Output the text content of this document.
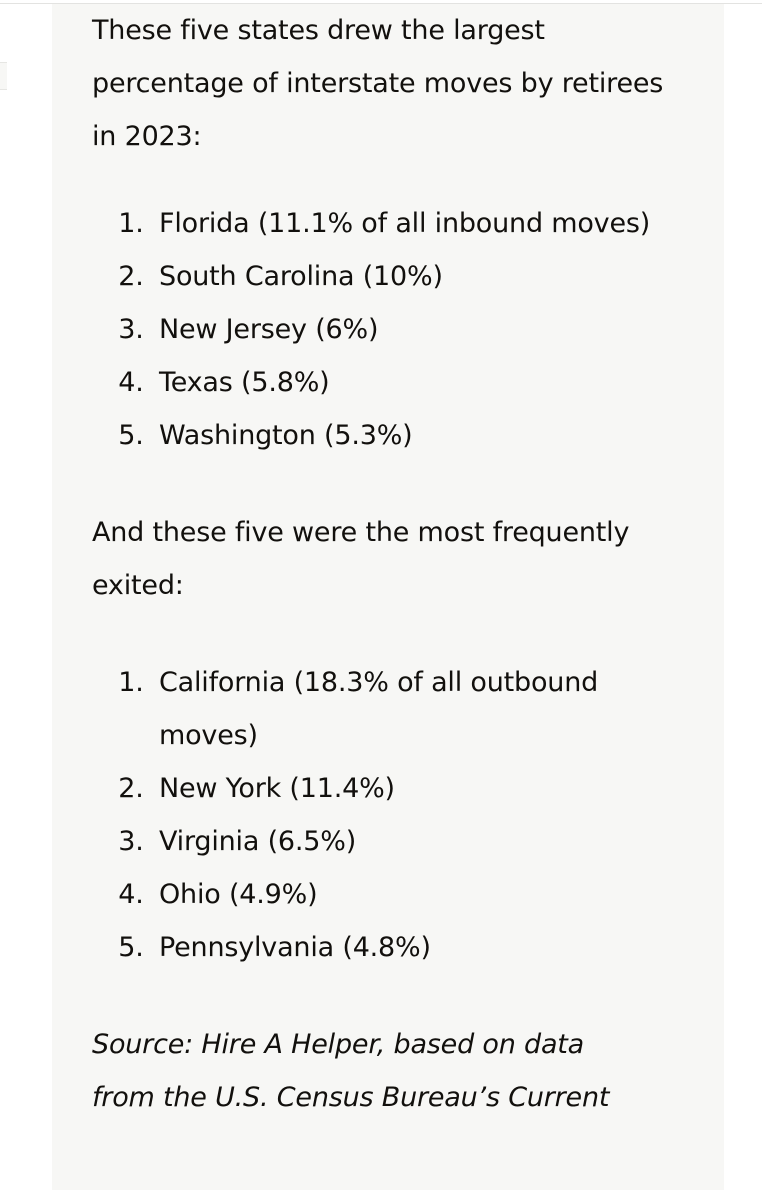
These five states drew the largest percentage of interstate moves by retirees in 2023:

1. Florida (11.1% of all inbound moves)
2. South Carolina (10%)
3. New Jersey (6%)
4. Texas (5.8%)
5. Washington (5.3%)

And these five were the most frequently exited:

1. California (18.3% of all outbound moves)
2. New York (11.4%)
3. Virginia (6.5%)
4. Ohio (4.9%)
5. Pennsylvania (4.8%)

Source: Hire A Helper, based on data
from the U.S. Census Bureau’s Current
